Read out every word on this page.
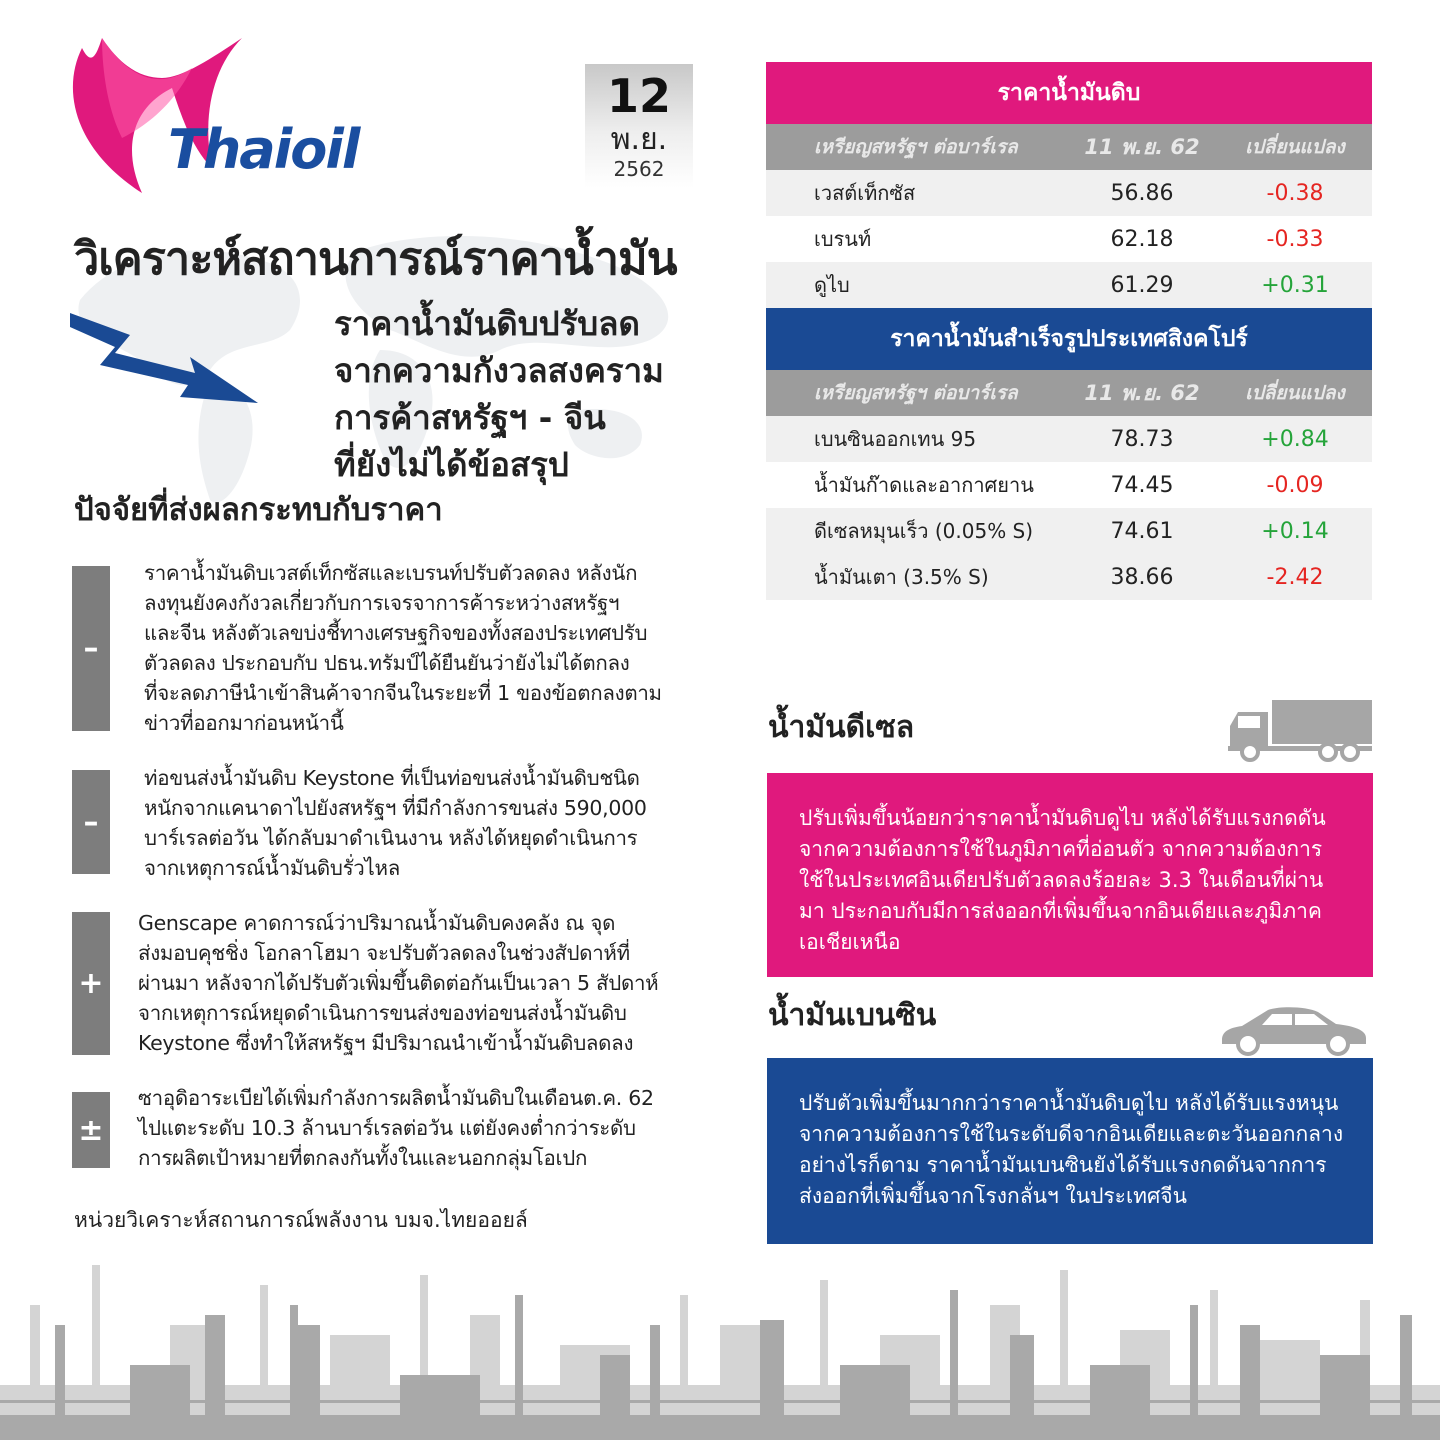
Thaioil
12
พ.ย.
2562
วิเคราะห์สถานการณ์ราคาน้ำมัน
ราคาน้ำมันดิบปรับลด
จากความกังวลสงคราม
การค้าสหรัฐฯ - จีน
ที่ยังไม่ได้ข้อสรุป
ปัจจัยที่ส่งผลกระทบกับราคา
–
ราคาน้ำมันดิบเวสต์เท็กซัสและเบรนท์ปรับตัวลดลง หลังนัก
ลงทุนยังคงกังวลเกี่ยวกับการเจรจาการค้าระหว่างสหรัฐฯ
และจีน หลังตัวเลขบ่งชี้ทางเศรษฐกิจของทั้งสองประเทศปรับ
ตัวลดลง ประกอบกับ ปธน.ทรัมป์ได้ยืนยันว่ายังไม่ได้ตกลง
ที่จะลดภาษีนำเข้าสินค้าจากจีนในระยะที่ 1 ของข้อตกลงตาม
ข่าวที่ออกมาก่อนหน้านี้
–
ท่อขนส่งน้ำมันดิบ Keystone ที่เป็นท่อขนส่งน้ำมันดิบชนิด
หนักจากแคนาดาไปยังสหรัฐฯ ที่มีกำลังการขนส่ง 590,000
บาร์เรลต่อวัน ได้กลับมาดำเนินงาน หลังได้หยุดดำเนินการ
จากเหตุการณ์น้ำมันดิบรั่วไหล
+
Genscape คาดการณ์ว่าปริมาณน้ำมันดิบคงคลัง ณ จุด
ส่งมอบคุชชิ่ง โอกลาโฮมา จะปรับตัวลดลงในช่วงสัปดาห์ที่
ผ่านมา หลังจากได้ปรับตัวเพิ่มขึ้นติดต่อกันเป็นเวลา 5 สัปดาห์
จากเหตุการณ์หยุดดำเนินการขนส่งของท่อขนส่งน้ำมันดิบ
Keystone ซึ่งทำให้สหรัฐฯ มีปริมาณนำเข้าน้ำมันดิบลดลง
±
ซาอุดิอาระเบียได้เพิ่มกำลังการผลิตน้ำมันดิบในเดือนต.ค. 62
ไปแตะระดับ 10.3 ล้านบาร์เรลต่อวัน แต่ยังคงต่ำกว่าระดับ
การผลิตเป้าหมายที่ตกลงกันทั้งในและนอกกลุ่มโอเปก
หน่วยวิเคราะห์สถานการณ์พลังงาน บมจ.ไทยออยล์
ราคาน้ำมันดิบ
เหรียญสหรัฐฯ ต่อบาร์เรล	11 พ.ย. 62	เปลี่ยนแปลง
เวสต์เท็กซัส	56.86	-0.38
เบรนท์	62.18	-0.33
ดูไบ	61.29	+0.31
ราคาน้ำมันสำเร็จรูปประเทศสิงคโปร์
เหรียญสหรัฐฯ ต่อบาร์เรล	11 พ.ย. 62	เปลี่ยนแปลง
เบนซินออกเทน 95	78.73	+0.84
น้ำมันก๊าดและอากาศยาน	74.45	-0.09
ดีเซลหมุนเร็ว (0.05% S)	74.61	+0.14
น้ำมันเตา (3.5% S)	38.66	-2.42
น้ำมันดีเซล
ปรับเพิ่มขึ้นน้อยกว่าราคาน้ำมันดิบดูไบ หลังได้รับแรงกดดัน
จากความต้องการใช้ในภูมิภาคที่อ่อนตัว จากความต้องการ
ใช้ในประเทศอินเดียปรับตัวลดลงร้อยละ 3.3 ในเดือนที่ผ่าน
มา ประกอบกับมีการส่งออกที่เพิ่มขึ้นจากอินเดียและภูมิภาค
เอเชียเหนือ
น้ำมันเบนซิน
ปรับตัวเพิ่มขึ้นมากกว่าราคาน้ำมันดิบดูไบ หลังได้รับแรงหนุน
จากความต้องการใช้ในระดับดีจากอินเดียและตะวันออกกลาง
อย่างไรก็ตาม ราคาน้ำมันเบนซินยังได้รับแรงกดดันจากการ
ส่งออกที่เพิ่มขึ้นจากโรงกลั่นฯ ในประเทศจีน
